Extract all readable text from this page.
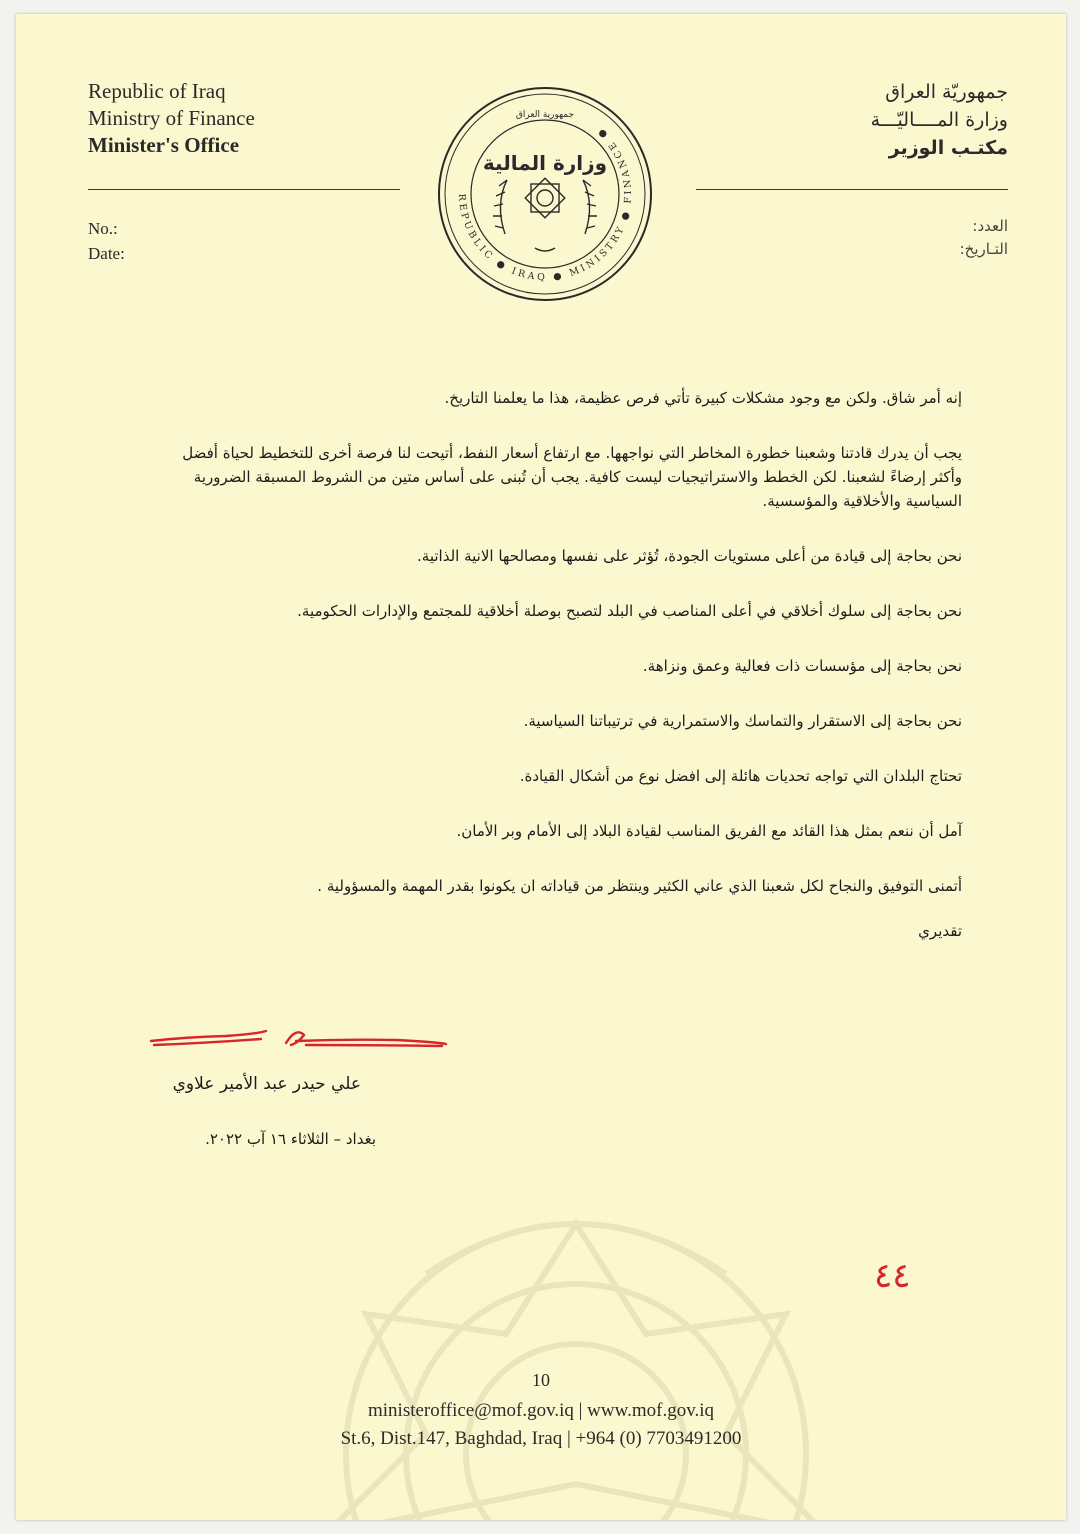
Republic of Iraq
Ministry of Finance
Minister's Office
جمهوريّة العراق
وزارة المــــاليّـــة
مكتـب الوزير
REPUBLIC ● IRAQ ● MINISTRY ● FINANCE ●
جمهورية العراق
وزارة المالية
No.:
Date:
العدد:
التـاريخ:

إنه أمر شاق. ولكن مع وجود مشكلات كبيرة تأتي فرص عظيمة، هذا ما يعلمنا التاريخ.

يجب أن يدرك قادتنا وشعبنا خطورة المخاطر التي نواجهها. مع ارتفاع أسعار النفط، أتيحت لنا فرصة أخرى للتخطيط لحياة أفضل وأكثر إرضاءً لشعبنا. لكن الخطط والاستراتيجيات ليست كافية. يجب أن تُبنى على أساس متين من الشروط المسبقة الضرورية السياسية والأخلاقية والمؤسسية.

نحن بحاجة إلى قيادة من أعلى مستويات الجودة، تُؤثر على نفسها ومصالحها الانية الذاتية.

نحن بحاجة إلى سلوك أخلاقي في أعلى المناصب في البلد لتصبح بوصلة أخلاقية للمجتمع والإدارات الحكومية.

نحن بحاجة إلى مؤسسات ذات فعالية وعمق ونزاهة.

نحن بحاجة إلى الاستقرار والتماسك والاستمرارية في ترتيباتنا السياسية.

تحتاج البلدان التي تواجه تحديات هائلة إلى افضل نوع من أشكال القيادة.

آمل أن ننعم بمثل هذا القائد مع الفريق المناسب لقيادة البلاد إلى الأمام وبر الأمان.

أتمنى التوفيق والنجاح لكل شعبنا الذي عاني الكثير وينتظر من قياداته ان يكونوا بقدر المهمة والمسؤولية .

تقديري
علي حيدر عبد الأمير علاوي
بغداد – الثلاثاء ١٦ آب ٢٠٢٢.
٤٤
10
ministeroffice@mof.gov.iq | www.mof.gov.iq
St.6, Dist.147, Baghdad, Iraq | +964 (0) 7703491200
